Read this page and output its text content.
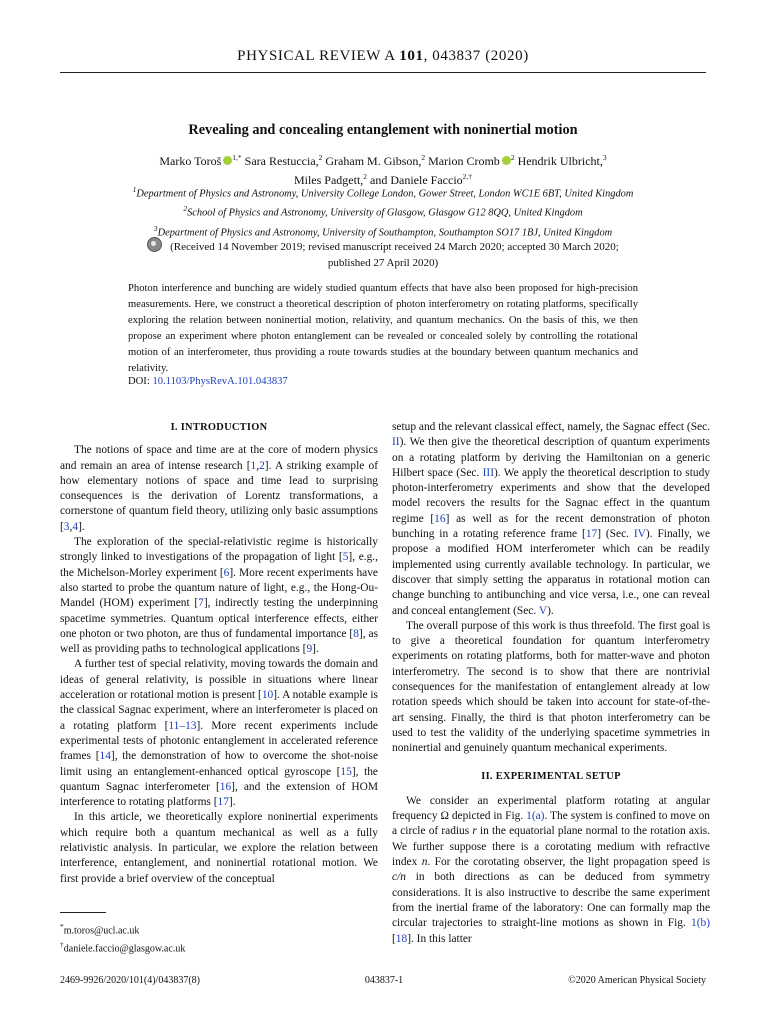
PHYSICAL REVIEW A 101, 043837 (2020)
Revealing and concealing entanglement with noninertial motion
Marko Toroš $^{1,*}$ Sara Restuccia,$^2$ Graham M. Gibson,$^2$ Marion Cromb $^2$ Hendrik Ulbricht,$^3$
Miles Padgett,$^2$ and Daniele Faccio$^{2,\dagger}$
$^1$Department of Physics and Astronomy, University College London, Gower Street, London WC1E 6BT, United Kingdom
$^2$School of Physics and Astronomy, University of Glasgow, Glasgow G12 8QQ, United Kingdom
$^3$Department of Physics and Astronomy, University of Southampton, Southampton SO17 1BJ, United Kingdom
(Received 14 November 2019; revised manuscript received 24 March 2020; accepted 30 March 2020;
published 27 April 2020)
Photon interference and bunching are widely studied quantum effects that have also been proposed for high-precision measurements. Here, we construct a theoretical description of photon interferometry on rotating platforms, specifically exploring the relation between noninertial motion, relativity, and quantum mechanics. On the basis of this, we then propose an experiment where photon entanglement can be revealed or concealed solely by controlling the rotational motion of an interferometer, thus providing a route towards studies at the boundary between quantum mechanics and relativity.
DOI: 10.1103/PhysRevA.101.043837
I. INTRODUCTION

The notions of space and time are at the core of modern physics and remain an area of intense research [1,2]. A striking example of how elementary notions of space and time lead to surprising consequences is the derivation of Lorentz transformations, a cornerstone of quantum field theory, utilizing only basic assumptions [3,4].

The exploration of the special-relativistic regime is historically strongly linked to investigations of the propagation of light [5], e.g., the Michelson-Morley experiment [6]. More recent experiments have also started to probe the quantum nature of light, e.g., the Hong-Ou-Mandel (HOM) experiment [7], indirectly testing the underpinning spacetime symmetries. Quantum optical interference effects, either one photon or two photon, are thus of fundamental importance [8], as well as providing paths to technological applications [9].

A further test of special relativity, moving towards the domain and ideas of general relativity, is possible in situations where linear acceleration or rotational motion is present [10]. A notable example is the classical Sagnac experiment, where an interferometer is placed on a rotating platform [11–13]. More recent experiments include experimental tests of photonic entanglement in accelerated reference frames [14], the demonstration of how to overcome the shot-noise limit using an entanglement-enhanced optical gyroscope [15], the quantum Sagnac interferometer [16], and the extension of HOM interference to rotating platforms [17].

In this article, we theoretically explore noninertial experiments which require both a quantum mechanical as well as a fully relativistic analysis. In particular, we explore the relation between interference, entanglement, and noninertial rotational motion. We first provide a brief overview of the conceptual

setup and the relevant classical effect, namely, the Sagnac effect (Sec. II). We then give the theoretical description of quantum experiments on a rotating platform by deriving the Hamiltonian on a generic Hilbert space (Sec. III). We apply the theoretical description to study photon-interferometry experiments and show that the developed model recovers the results for the Sagnac effect in the quantum regime [16] as well as for the recent demonstration of photon bunching in a rotating reference frame [17] (Sec. IV). Finally, we propose a modified HOM interferometer which can be readily implemented using currently available technology. In particular, we discover that simply setting the apparatus in rotational motion can change bunching to antibunching and vice versa, i.e., one can reveal and conceal entanglement (Sec. V).

The overall purpose of this work is thus threefold. The first goal is to give a theoretical foundation for quantum interferometry experiments on rotating platforms, both for matter-wave and photon interferometry. The second is to show that there are nontrivial consequences for the manifestation of entanglement already at low rotation speeds which should be taken into account for state-of-the-art sensing. Finally, the third is that photon interferometry can be used to test the validity of the underlying spacetime symmetries in noninertial and genuinely quantum mechanical experiments.

II. EXPERIMENTAL SETUP

We consider an experimental platform rotating at angular frequency Ω depicted in Fig. 1(a). The system is confined to move on a circle of radius r in the equatorial plane normal to the rotation axis. We further suppose there is a corotating medium with refractive index n. For the corotating observer, the light propagation speed is c/n in both directions as can be deduced from symmetry considerations. It is also instructive to describe the same experiment from the inertial frame of the laboratory: One can formally map the circular trajectories to straight-line motions as shown in Fig. 1(b) [18]. In this latter

*m.toros@ucl.ac.uk
†daniele.faccio@glasgow.ac.uk
2469-9926/2020/101(4)/043837(8)	043837-1	©2020 American Physical Society
